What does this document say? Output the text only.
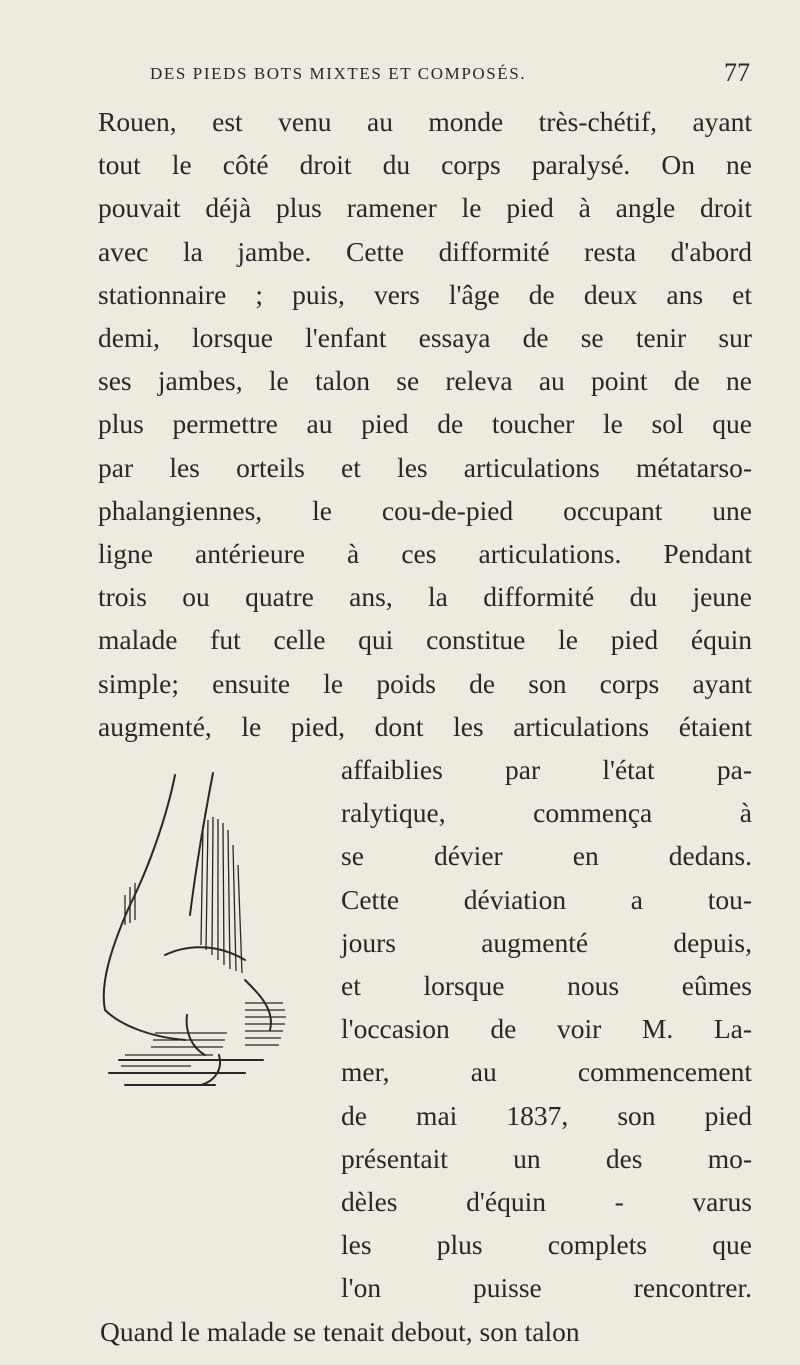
DES PIEDS BOTS MIXTES ET COMPOSÉS.	77
Rouen, est venu au monde très-chétif, ayant
tout le côté droit du corps paralysé. On ne
pouvait déjà plus ramener le pied à angle droit
avec la jambe. Cette difformité resta d'abord
stationnaire ; puis, vers l'âge de deux ans et
demi, lorsque l'enfant essaya de se tenir sur
ses jambes, le talon se releva au point de ne
plus permettre au pied de toucher le sol que
par les orteils et les articulations métatarso-
phalangiennes, le cou-de-pied occupant une
ligne antérieure à ces articulations. Pendant
trois ou quatre ans, la difformité du jeune
malade fut celle qui constitue le pied équin
simple; ensuite le poids de son corps ayant
augmenté, le pied, dont les articulations étaient
affaiblies par l'état pa-
ralytique, commença à
se dévier en dedans.
Cette déviation a tou-
jours augmenté depuis,
et lorsque nous eûmes
l'occasion de voir M. La-
mer, au commencement
de mai 1837, son pied
présentait un des mo-
dèles d'équin - varus
les plus complets que
l'on puisse rencontrer.
Quand le malade se tenait debout, son talon
